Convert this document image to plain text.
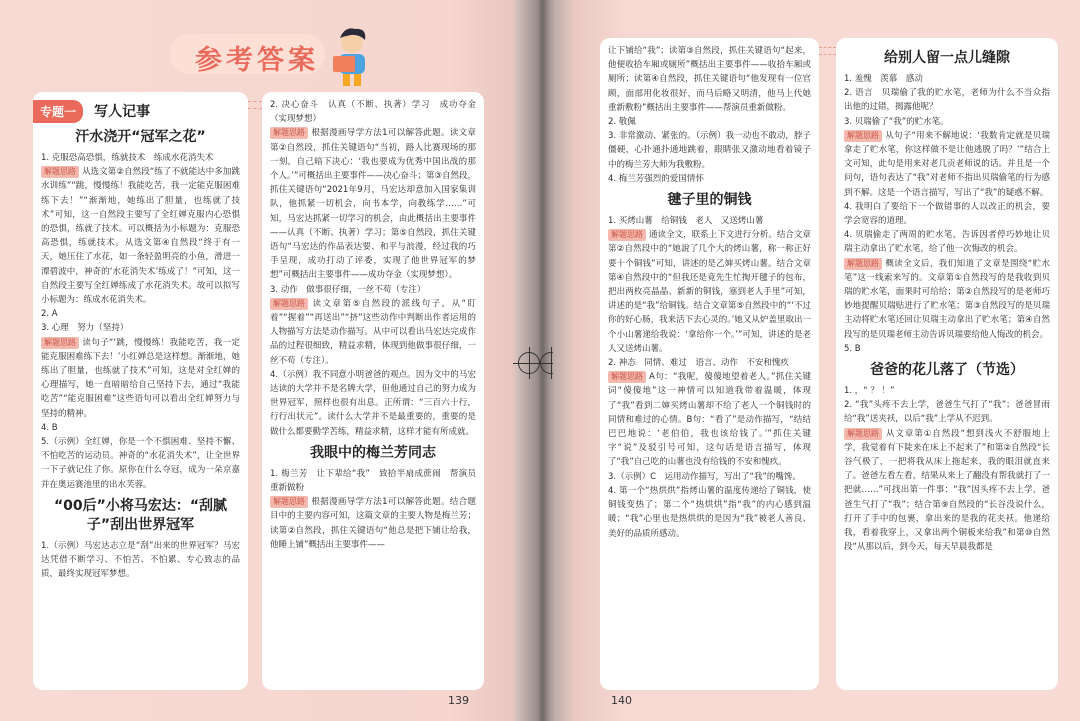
参考答案
专题一 写人记事
汗水浇开“冠军之花”
1. 克服恐高恐惧，练就技术　练成水花消失术
解题思路 从选文第②自然段“练了不就能达中多加跳水训练”“跳，慢慢练！我能吃苦，我一定能克服困难练下去！”“渐渐地，她练出了胆量，也练就了技术”可知，这一自然段主要写了全红婵克服内心恐惧的恐惧，练就了技术。可以概括为小标题为：克服恐高恐惧，练就技术。从选文第④自然段“终于有一天，她压住了水花，如一条轻盈明亮的小鱼，滑进一潭碧波中，神奇的‘水花消失术’练成了！”可知，这一自然段主要写全红婵练成了水花消失术。故可以拟写小标题为：练成水花消失术。
2. A
3. 心理　努力（坚持）
解题思路 读句子“‘跳，慢慢练！我能吃苦，我一定能克服困难练下去！’小红婵总是这样想。渐渐地，她练出了胆量，也练就了技术”可知，这是对全红婵的心理描写，她一直暗暗给自己坚持下去，通过“我能吃苦”“能克服困难”这些语句可以看出全红婵努力与坚持的精神。
4. B
5.（示例）全红婵，你是一个不惧困难、坚持不懈、不怕吃苦的运动员。神奇的“水花消失术”，让全世界一下子就记住了你。原你在什么夺冠，成为一朵京嘉并在奥运赛池里的出水芙蓉。
“00后”小将马宏达：“刮腻子”刮出世界冠军
1.（示例）马宏达志立是“刮”出来的世界冠军？马宏达凭借不断学习、不怕苦、不怕累、专心致志的品质，最终实现冠军梦想。
2. 决心奋斗　认真（不断、执著）学习　成功夺金（实现梦想）
解题思路 根据漫画导学方法1可以解答此题。读文章第②自然段，抓住关键语句“当初，路人比赛现场的那一刻，自己暗下决心：‘我也要成为优秀中国出战的那个人。’”可概括出主要事件——决心奋斗；第③自然段，抓住关键语句“2021年9月，马宏达却意加入国家集训队，他抓紧一切机会，向书本学，向教练学……”可知，马宏达抓紧一切学习的机会，由此概括出主要事件——认真（不断、执著）学习；第⑤自然段，抓住关键语句“马宏达的作品表达要、和平与浪漫，经过我的巧手呈现，成功打动了评委，实现了他世界冠军的梦想”可概括出主要事件——成功夺金（实现梦想）。
3. 动作　做事很仔细，一丝不苟（专注）
解题思路 读文章第⑤自然段的派线句子，从“盯着”“握着”“再送出”“挤”这些动作中判断出作者运用的人物描写方法是动作描写。从中可以看出马宏达完成作品的过程很细致，精益求精，体现到他做事很仔细，一丝不苟（专注）。
4.（示例）我不同意小明爸爸的观点。因为文中的马宏达读的大学并不是名牌大学，但他通过自己的努力成为世界冠军，照样也很有出息。正所谓：“三百六十行，行行出状元”。读什么大学并不是最重要的，重要的是做什么都要勤学苦练，精益求精，这样才能有所成就。
我眼中的梅兰芳同志
1. 梅兰芳　让下辈给“我”　致拾半扇成蔗闹　帮演员重新做粉
解题思路 根据漫画导学方法1可以解答此题。结合题目中的主要内容可知，这篇文章的主要人物是梅兰芳；读第②自然段，抓住关键语句“他总是把下铺让给我，他睡上铺”概括出主要事件——
139
让下铺给“我”；读第③自然段，抓住关键语句“起来，他便收拾车厢或厕所”概括出主要事件——收拾车厢或厕所；读第④自然段，抓住关键语句“他发现有一位官顾，面部用化妆很好，而马后略又明清，他马上代她重新敷粉”概括出主要事件——帮演员重新做粉。
2. 敬佩
3. 非常激动、紧张的。（示例）我一动也不敢动，脖子僵硬，心扑通扑通地跳着，眼睛张又激动地看着镜子中的梅兰芳大师为我敷粉。
4. 梅兰芳强烈的爱国情怀
毽子里的铜钱
1. 买烤山薯　给铜钱　老人　又送烤山薯
解题思路 通读全文，联系上下文进行分析。结合文章第②自然段中的“她說了几个大的烤山薯，称一称正好要十个铜钱”可知，讲述的是乙婶买烤山薯。结合文章第④自然段中的“但我还是竟先生忙掏开毽子的包布，把出两枚亮晶晶、新新的铜钱，塞到老人手里”可知，讲述的是“我”给铜钱。结合文章第⑤自然段中的“‘不过你的好心肠，我来活下去心灵的。’她又从炉盖里取出一个小山薯递给我说：‘拿给你一个。’”可知，讲述的是老人又送烤山薯。
2. 神态　同情、难过　语言、动作　不安和愧疚
解题思路 A句：“我呢，傻傻地望着老人。”抓住关键词“傻傻地”这一神情可以知道我带着温暖，体现了“我”看到二婶买烤山薯却不给了老人一个铜钱时的同情和难过的心情。B句：“看了”是动作描写，“结结巴巴地说：‘老伯伯，我也该给钱了。’”抓住关键字“说”及驳引号可知，这句话是语言描写，体现了“我”自己吃的山薯也没有给钱的不安和愧疚。
3.（示例）C　运用动作描写，写出了“我”的嘴馋。
4. 第一个“热烘烘”指烤山薯的温度传递给了铜钱，使铜钱变热了；第二个“热烘烘”指“我”的内心感到温暖；“我”心里也是热烘烘的是因为“我”被老人善良、美好的品质所感动。
给别人留一点儿缝隙
1. 羞愧　羡慕　感动
2. 语言　贝瑞偷了我的贮水笔，老师为什么不当众指出他的过错，揭露他呢？
3. 贝瑞偷了“我”的贮水笔。
解题思路 从句子“用来不解地说：‘我数肯定就是贝瑞拿走了贮水笔，你这样做不是让他逃脱了吗？’”结合上文可知，此句是用来对老几贡老师说的话。并且是一个问句，语句表达了“我”对老师不指出贝瑞偷笔的行为感到不解。这是一个语言描写，写出了“我”的疑惑不解。
4. 我明白了要给下一个做错事的人以改正的机会，要学会宽容的道理。
4. 贝瑞偷走了两周的贮水笔，告诉因者停巧妙地让贝瑞主动拿出了贮水笔，给了他一次悔改的机会。
解题思路 概读全文后，我们知道了文章是围绕“贮水笔”这一线索来写的。文章第①自然段写的是我收到贝瑞的贮水笔，面果时可给给；第②自然段写的是老师巧妙地提醒贝瑞贴进行了贮水笔；第③自然段写的是贝瑞主动将贮水笔还回让贝瑞主动拿出了贮水笔；第④自然段写的是贝瑞老师主动告诉贝瑞要给他人悔改的机会。
5. B
爸爸的花儿落了（节选）
1. ，“ ？ ！”
2. “我”头疼不去上学，爸爸生气打了“我”；爸爸冒雨给“我”送夹袄，以后“我”上学从不迟到。
解题思路 从文章第①自然段“想到浅火不舒服地上学，我觉着有下陡来在床上不起来了”和第②自然段“长谷气极了，一把将我从床上拖起来，我的眼泪就直来了。爸爸左看左看，结果从来上了翻没有帮我就打了一把就……”可找出第一件事：“我”因头疼不去上学，爸爸生气打了“我”；结合第⑨自然段的“长谷没说什么，打开了手中的包裹，拿出来的是我的花夹袄。他递给我，看着我穿上，又拿出两个铜板来给我”和第⑩自然段“从那以后，到今天，每天早晨我都是
140
